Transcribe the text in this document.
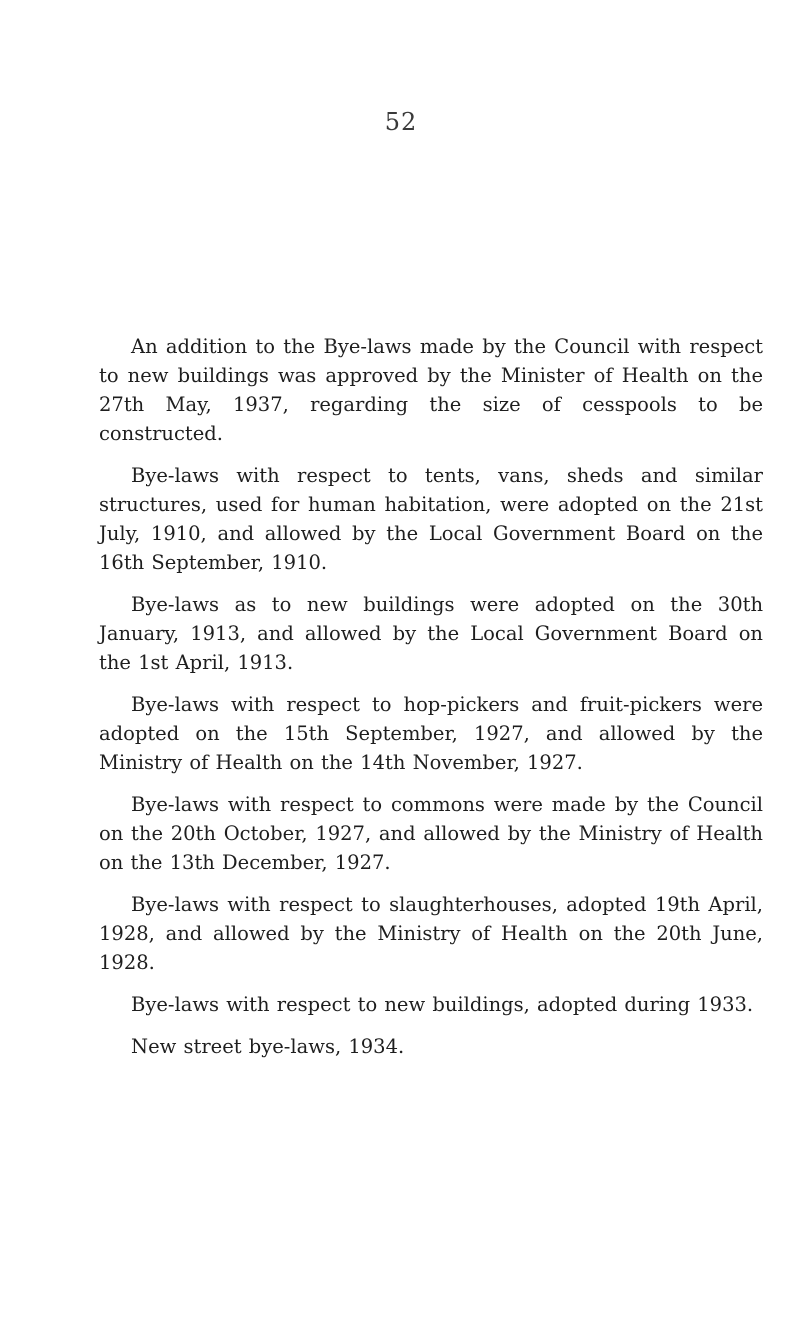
52

An addition to the Bye-laws made by the Council with respect to new buildings was approved by the Minister of Health on the 27th May, 1937, regarding the size of cesspools to be constructed.

Bye-laws with respect to tents, vans, sheds and similar structures, used for human habitation, were adopted on the 21st July, 1910, and allowed by the Local Government Board on the 16th September, 1910.

Bye-laws as to new buildings were adopted on the 30th January, 1913, and allowed by the Local Government Board on the 1st April, 1913.

Bye-laws with respect to hop-pickers and fruit-pickers were adopted on the 15th September, 1927, and allowed by the Ministry of Health on the 14th November, 1927.

Bye-laws with respect to commons were made by the Council on the 20th October, 1927, and allowed by the Ministry of Health on the 13th December, 1927.

Bye-laws with respect to slaughterhouses, adopted 19th April, 1928, and allowed by the Ministry of Health on the 20th June, 1928.

Bye-laws with respect to new buildings, adopted during 1933.

New street bye-laws, 1934.
